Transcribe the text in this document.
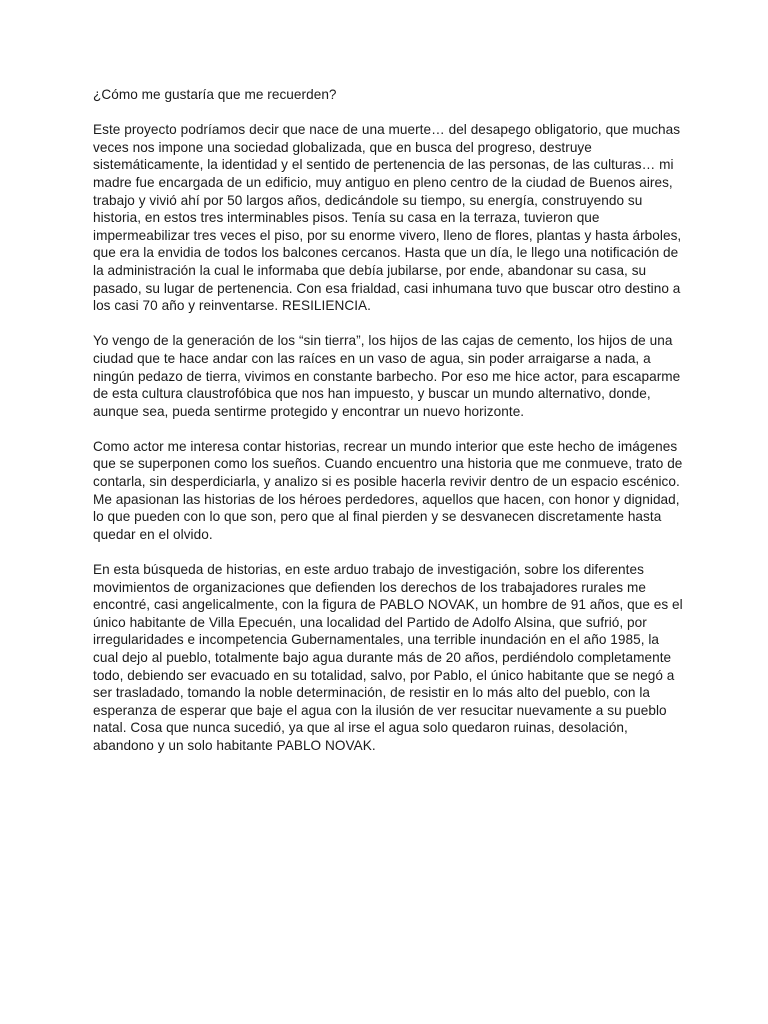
¿Cómo me gustaría que me recuerden?

Este proyecto podríamos decir que nace de una muerte… del desapego obligatorio, que muchas veces nos impone una sociedad globalizada, que en busca del progreso, destruye sistemáticamente, la identidad y el sentido de pertenencia de las personas, de las culturas… mi madre fue encargada de un edificio, muy antiguo en pleno centro de la ciudad de Buenos aires, trabajo y vivió ahí por 50 largos años, dedicándole su tiempo, su energía, construyendo su historia, en estos tres interminables pisos. Tenía su casa en la terraza, tuvieron que impermeabilizar tres veces el piso, por su enorme vivero, lleno de flores, plantas y hasta árboles, que era la envidia de todos los balcones cercanos. Hasta que un día, le llego una notificación de la administración la cual le informaba que debía jubilarse, por ende, abandonar su casa, su pasado, su lugar de pertenencia. Con esa frialdad, casi inhumana tuvo que buscar otro destino a los casi 70 año y reinventarse. RESILIENCIA.

Yo vengo de la generación de los “sin tierra”, los hijos de las cajas de cemento, los hijos de una ciudad que te hace andar con las raíces en un vaso de agua, sin poder arraigarse a nada, a ningún pedazo de tierra, vivimos en constante barbecho. Por eso me hice actor, para escaparme de esta cultura claustrofóbica que nos han impuesto, y buscar un mundo alternativo, donde, aunque sea, pueda sentirme protegido y encontrar un nuevo horizonte.

Como actor me interesa contar historias, recrear un mundo interior que este hecho de imágenes que se superponen como los sueños. Cuando encuentro una historia que me conmueve, trato de contarla, sin desperdiciarla, y analizo si es posible hacerla revivir dentro de un espacio escénico. Me apasionan las historias de los héroes perdedores, aquellos que hacen, con honor y dignidad, lo que pueden con lo que son, pero que al final pierden y se desvanecen discretamente hasta quedar en el olvido.

En esta búsqueda de historias, en este arduo trabajo de investigación, sobre los diferentes movimientos de organizaciones que defienden los derechos de los trabajadores rurales me encontré, casi angelicalmente, con la figura de PABLO NOVAK, un hombre de 91 años, que es el único habitante de Villa Epecuén, una localidad del Partido de Adolfo Alsina, que sufrió, por irregularidades e incompetencia Gubernamentales, una terrible inundación en el año 1985, la cual dejo al pueblo, totalmente bajo agua durante más de 20 años, perdiéndolo completamente todo, debiendo ser evacuado en su totalidad, salvo, por Pablo, el único habitante que se negó a ser trasladado, tomando la noble determinación, de resistir en lo más alto del pueblo, con la esperanza de esperar que baje el agua con la ilusión de ver resucitar nuevamente a su pueblo natal. Cosa que nunca sucedió, ya que al irse el agua solo quedaron ruinas, desolación, abandono y un solo habitante PABLO NOVAK.
